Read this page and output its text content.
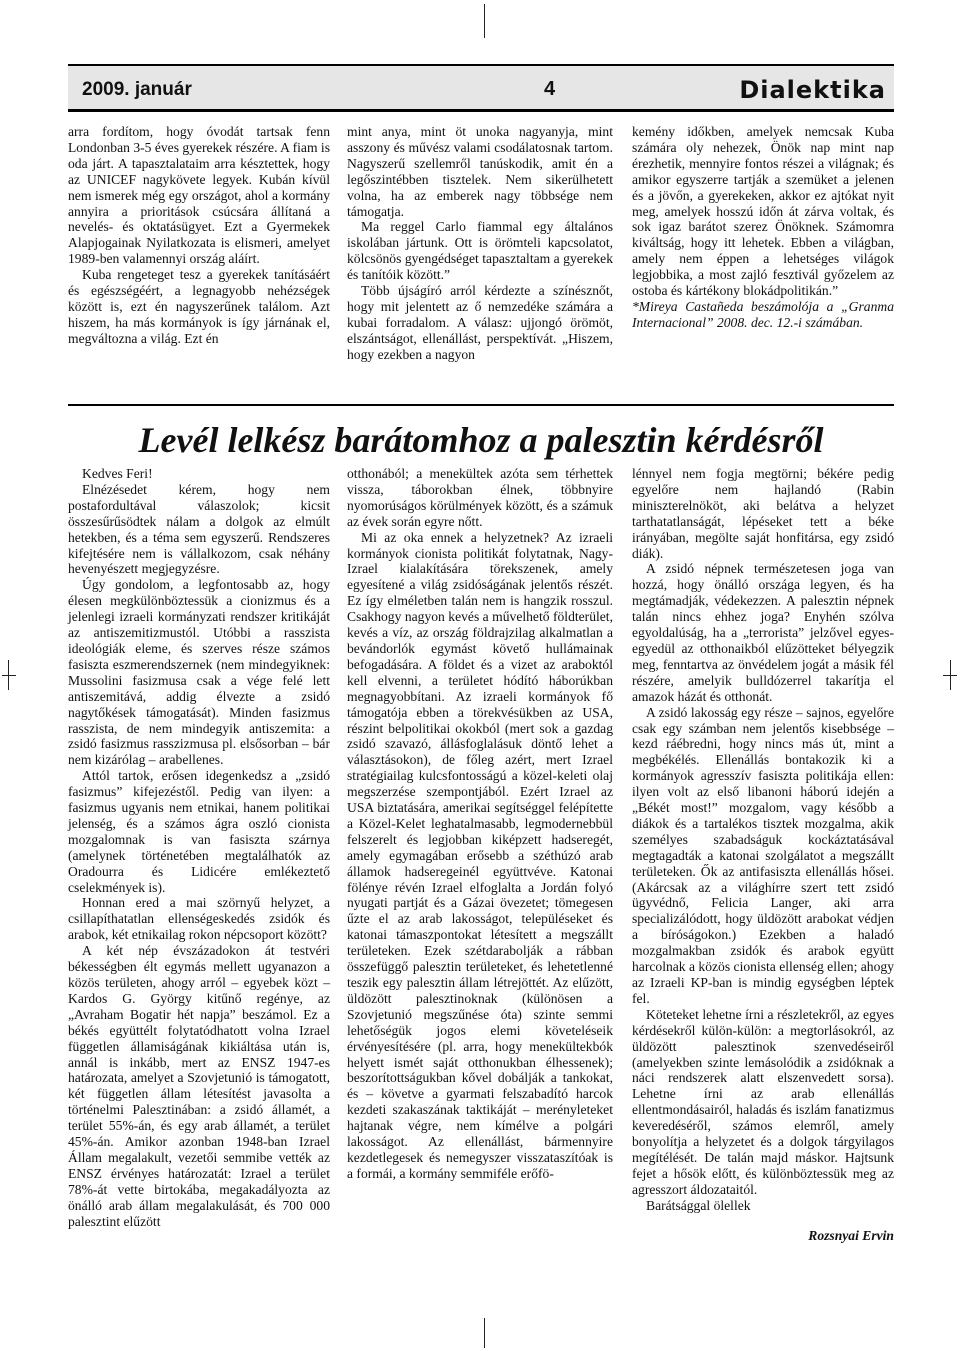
2009. január	4	Dialektika

arra fordítom, hogy óvodát tartsak fenn Londonban 3-5 éves gyerekek részére. A fiam is oda járt. A tapasztalataim arra késztettek, hogy az UNICEF nagykövete legyek. Kubán kívül nem ismerek még egy országot, ahol a kormány annyira a prioritások csúcsára állítaná a nevelés- és oktatásügyet. Ezt a Gyermekek Alapjogainak Nyilatkozata is elismeri, amelyet 1989-ben valamennyi ország aláírt.

Kuba rengeteget tesz a gyerekek tanításáért és egészségéért, a legnagyobb nehézségek között is, ezt én nagyszerűnek találom. Azt hiszem, ha más kormányok is így járnának el, megváltozna a világ. Ezt én

mint anya, mint öt unoka nagyanyja, mint asszony és művész valami csodálatosnak tartom. Nagyszerű szellemről tanúskodik, amit én a legőszintébben tisztelek. Nem sikerülhetett volna, ha az emberek nagy többsége nem támogatja.

Ma reggel Carlo fiammal egy általános iskolában jártunk. Ott is örömteli kapcsolatot, kölcsönös gyengédséget tapasztaltam a gyerekek és tanítóik között.”

Több újságíró arról kérdezte a színésznőt, hogy mit jelentett az ő nemzedéke számára a kubai forradalom. A válasz: ujjongó örömöt, elszántságot, ellenállást, perspektívát. „Hiszem, hogy ezekben a nagyon

kemény időkben, amelyek nemcsak Kuba számára oly nehezek, Önök nap mint nap érezhetik, mennyire fontos részei a világnak; és amikor egyszerre tartják a szemüket a jelenen és a jövőn, a gyerekeken, akkor ez ajtókat nyit meg, amelyek hosszú időn át zárva voltak, és sok igaz barátot szerez Önöknek. Számomra kiváltság, hogy itt lehetek. Ebben a világban, amely nem éppen a lehetséges világok legjobbika, a most zajló fesztivál győzelem az ostoba és kártékony blokádpolitikán.”

*Mireya Castañeda beszámolója a „Granma Internacional” 2008. dec. 12.-i számában.

Levél lelkész barátomhoz a palesztin kérdésről

Kedves Feri!

Elnézésedet kérem, hogy nem postafordultával válaszolok; kicsit összesűrűsödtek nálam a dolgok az elmúlt hetekben, és a téma sem egyszerű. Rendszeres kifejtésére nem is vállalkozom, csak néhány hevenyészett megjegyzésre.

Úgy gondolom, a legfontosabb az, hogy élesen megkülönböztessük a cionizmus és a jelenlegi izraeli kormányzati rendszer kritikáját az antiszemitizmustól. Utóbbi a rasszista ideológiák eleme, és szerves része számos fasiszta eszmerendszernek (nem mindegyiknek: Mussolini fasizmusa csak a vége felé lett antiszemitává, addig élvezte a zsidó nagytőkések támogatását). Minden fasizmus rasszista, de nem mindegyik antiszemita: a zsidó fasizmus rasszizmusa pl. elsősorban – bár nem kizárólag – arabellenes.

Attól tartok, erősen idegenkedsz a „zsidó fasizmus” kifejezéstől. Pedig van ilyen: a fasizmus ugyanis nem etnikai, hanem politikai jelenség, és a számos ágra oszló cionista mozgalomnak is van fasiszta szárnya (amelynek történetében megtalálhatók az Oradourra és Lidicére emlékeztető cselekmények is).

Honnan ered a mai szörnyű helyzet, a csillapíthatatlan ellenségeskedés zsidók és arabok, két etnikailag rokon népcsoport között?

A két nép évszázadokon át testvéri békességben élt egymás mellett ugyanazon a közös területen, ahogy arról – egyebek közt – Kardos G. György kitűnő regénye, az „Avraham Bogatir hét napja” beszámol. Ez a békés együttélt folytatódhatott volna Izrael független államiságának kikiáltása után is, annál is inkább, mert az ENSZ 1947-es határozata, amelyet a Szovjetunió is támogatott, két független állam létesítést javasolta a történelmi Palesztinában: a zsidó államét, a terület 55%-án, és egy arab államét, a terület 45%-án. Amikor azonban 1948-ban Izrael Állam megalakult, vezetői semmibe vették az ENSZ érvényes határozatát: Izrael a terület 78%-át vette birtokába, megakadályozta az önálló arab állam megalakulását, és 700 000 palesztint elűzött

otthonából; a menekültek azóta sem térhettek vissza, táborokban élnek, többnyire nyomorúságos körülmények között, és a számuk az évek során egyre nőtt.

Mi az oka ennek a helyzetnek? Az izraeli kormányok cionista politikát folytatnak, Nagy-Izrael kialakítására törekszenek, amely egyesítené a világ zsidóságának jelentős részét. Ez így elméletben talán nem is hangzik rosszul. Csakhogy nagyon kevés a művelhető földterület, kevés a víz, az ország földrajzilag alkalmatlan a bevándorlók egymást követő hullámainak befogadására. A földet és a vizet az araboktól kell elvenni, a területet hódító háborúkban megnagyobbítani. Az izraeli kormányok fő támogatója ebben a törekvésükben az USA, részint belpolitikai okokból (mert sok a gazdag zsidó szavazó, állásfoglalásuk döntő lehet a választásokon), de főleg azért, mert Izrael stratégiailag kulcsfontosságú a közel-keleti olaj megszerzése szempontjából. Ezért Izrael az USA biztatására, amerikai segítséggel felépítette a Közel-Kelet leghatalmasabb, legmodernebbül felszerelt és legjobban kiképzett hadseregét, amely egymagában erősebb a széthúzó arab államok hadseregeinél együttvéve. Katonai fölénye révén Izrael elfoglalta a Jordán folyó nyugati partját és a Gázai övezetet; tömegesen űzte el az arab lakosságot, településeket és katonai támaszpontokat létesített a megszállt területeken. Ezek szétdarabolják a rábban összefüggő palesztin területeket, és lehetetlenné teszik egy palesztin állam létrejöttét. Az elűzött, üldözött palesztinoknak (különösen a Szovjetunió megszűnése óta) szinte semmi lehetőségük jogos elemi követeléseik érvényesítésére (pl. arra, hogy menekültekbók helyett ismét saját otthonukban élhessenek); beszorítottságukban kővel dobálják a tankokat, és – követve a gyarmati felszabadító harcok kezdeti szakaszának taktikáját – merényleteket hajtanak végre, nem kímélve a polgári lakosságot. Az ellenállást, bármennyire kezdetlegesek és nemegyszer visszataszítóak is a formái, a kormány semmiféle erőfö-

lénnyel nem fogja megtörni; békére pedig egyelőre nem hajlandó (Rabin miniszterelnököt, aki belátva a helyzet tarthatatlanságát, lépéseket tett a béke irányában, megölte saját honfitársa, egy zsidó diák).

A zsidó népnek természetesen joga van hozzá, hogy önálló országa legyen, és ha megtámadják, védekezzen. A palesztin népnek talán nincs ehhez joga? Enyhén szólva egyoldalúság, ha a „terrorista” jelzővel egyes-egyedül az otthonaikból elűzötteket bélyegzik meg, fenntartva az önvédelem jogát a másik fél részére, amelyik bulldózerrel takarítja el amazok házát és otthonát.

A zsidó lakosság egy része – sajnos, egyelőre csak egy számban nem jelentős kisebbsége – kezd ráébredni, hogy nincs más út, mint a megbékélés. Ellenállás bontakozik ki a kormányok agresszív fasiszta politikája ellen: ilyen volt az első libanoni háború idején a „Békét most!” mozgalom, vagy később a diákok és a tartalékos tisztek mozgalma, akik személyes szabadságuk kockáztatásával megtagadták a katonai szolgálatot a megszállt területeken. Ők az antifasiszta ellenállás hősei. (Akárcsak az a világhírre szert tett zsidó ügyvédnő, Felicia Langer, aki arra specializálódott, hogy üldözött arabokat védjen a bíróságokon.) Ezekben a haladó mozgalmakban zsidók és arabok együtt harcolnak a közös cionista ellenség ellen; ahogy az Izraeli KP-ban is mindig egységben léptek fel.

Köteteket lehetne írni a részletekről, az egyes kérdésekről külön-külön: a megtorlásokról, az üldözött palesztinok szenvedéseiről (amelyekben szinte lemásolódik a zsidóknak a náci rendszerek alatt elszenvedett sorsa). Lehetne írni az arab ellenállás ellentmondásairól, haladás és iszlám fanatizmus keveredéséről, számos elemről, amely bonyolítja a helyzetet és a dolgok tárgyilagos megítélését. De talán majd máskor. Hajtsunk fejet a hősök előtt, és különböztessük meg az agresszort áldozataitól.

Barátsággal ölellek

Rozsnyai Ervin
